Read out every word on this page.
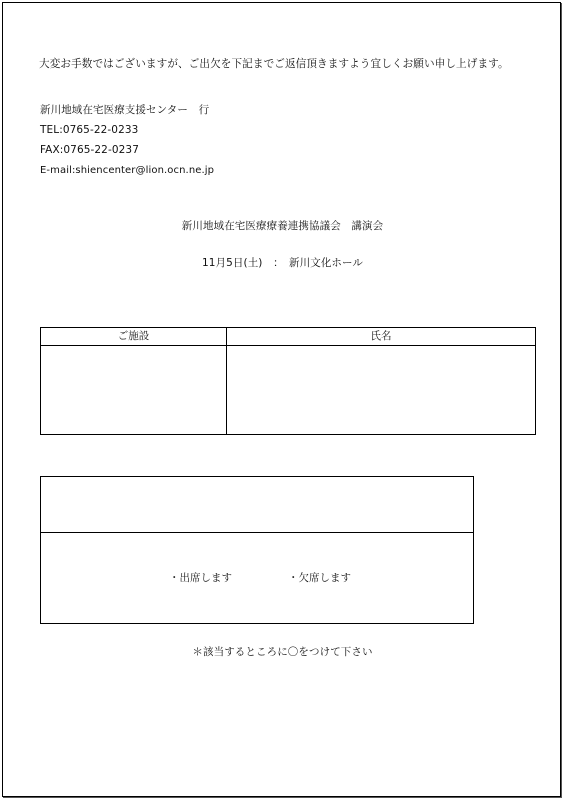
大変お手数ではございますが、ご出欠を下記までご返信頂きますよう宜しくお願い申し上げます。
新川地域在宅医療支援センター　行
TEL:0765-22-0233
FAX:0765-22-0237
E-mail:shiencenter@lion.ocn.ne.jp
新川地域在宅医療療養連携協議会　講演会
11月5日(土)　：　新川文化ホール
ご施設	氏名
・出席します	・欠席します
＊該当するところに〇をつけて下さい
